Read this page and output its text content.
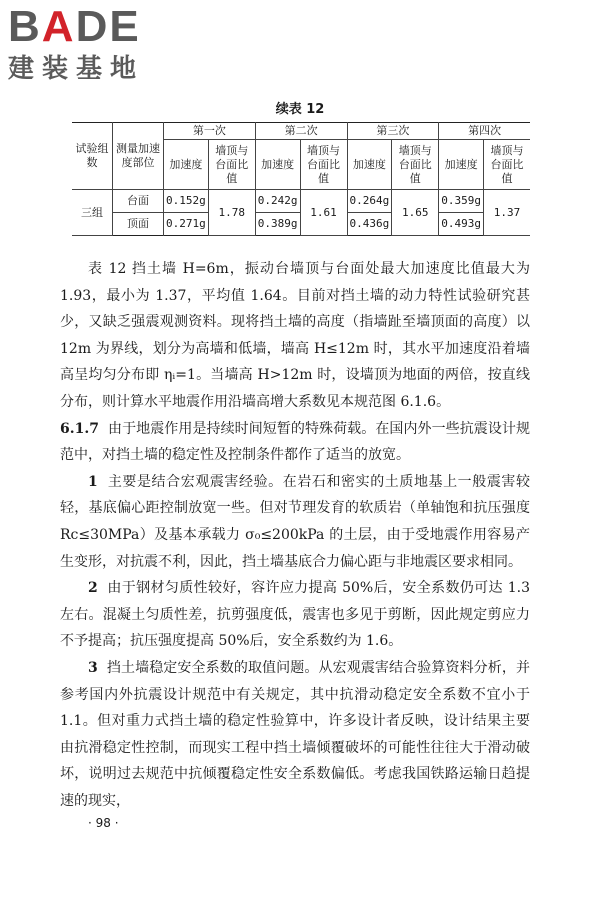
BADE
建装基地
续表 12
试验组数	测量加速度部位	第一次		第二次		第三次		第四次	
		加速度	墙顶与台面比值	加速度	墙顶与台面比值	加速度	墙顶与台面比值	加速度	墙顶与台面比值
三组	台面	0.152g	1.78	0.242g	1.61	0.264g	1.65	0.359g	1.37
	顶面	0.271g		0.389g		0.436g		0.493g	

表 12 挡土墙 H=6m，振动台墙顶与台面处最大加速度比值最大为 1.93，最小为 1.37，平均值 1.64。目前对挡土墙的动力特性试验研究甚少，又缺乏强震观测资料。现将挡土墙的高度（指墙趾至墙顶面的高度）以 12m 为界线，划分为高墙和低墙，墙高 H≤12m 时，其水平加速度沿着墙高呈均匀分布即 ηᵢ=1。当墙高 H>12m 时，设墙顶为地面的两倍，按直线分布，则计算水平地震作用沿墙高增大系数见本规范图 6.1.6。

6.1.7 由于地震作用是持续时间短暂的特殊荷载。在国内外一些抗震设计规范中，对挡土墙的稳定性及控制条件都作了适当的放宽。

1 主要是结合宏观震害经验。在岩石和密实的土质地基上一般震害较轻，基底偏心距控制放宽一些。但对节理发育的软质岩（单轴饱和抗压强度 Rc≤30MPa）及基本承载力 σ₀≤200kPa 的土层，由于受地震作用容易产生变形，对抗震不利，因此，挡土墙基底合力偏心距与非地震区要求相同。

2 由于钢材匀质性较好，容许应力提高 50%后，安全系数仍可达 1.3 左右。混凝土匀质性差，抗剪强度低，震害也多见于剪断，因此规定剪应力不予提高；抗压强度提高 50%后，安全系数约为 1.6。

3 挡土墙稳定安全系数的取值问题。从宏观震害结合验算资料分析，并参考国内外抗震设计规范中有关规定，其中抗滑动稳定安全系数不宜小于 1.1。但对重力式挡土墙的稳定性验算中，许多设计者反映，设计结果主要由抗滑稳定性控制，而现实工程中挡土墙倾覆破坏的可能性往往大于滑动破坏，说明过去规范中抗倾覆稳定性安全系数偏低。考虑我国铁路运输日趋提速的现实，

· 98 ·
